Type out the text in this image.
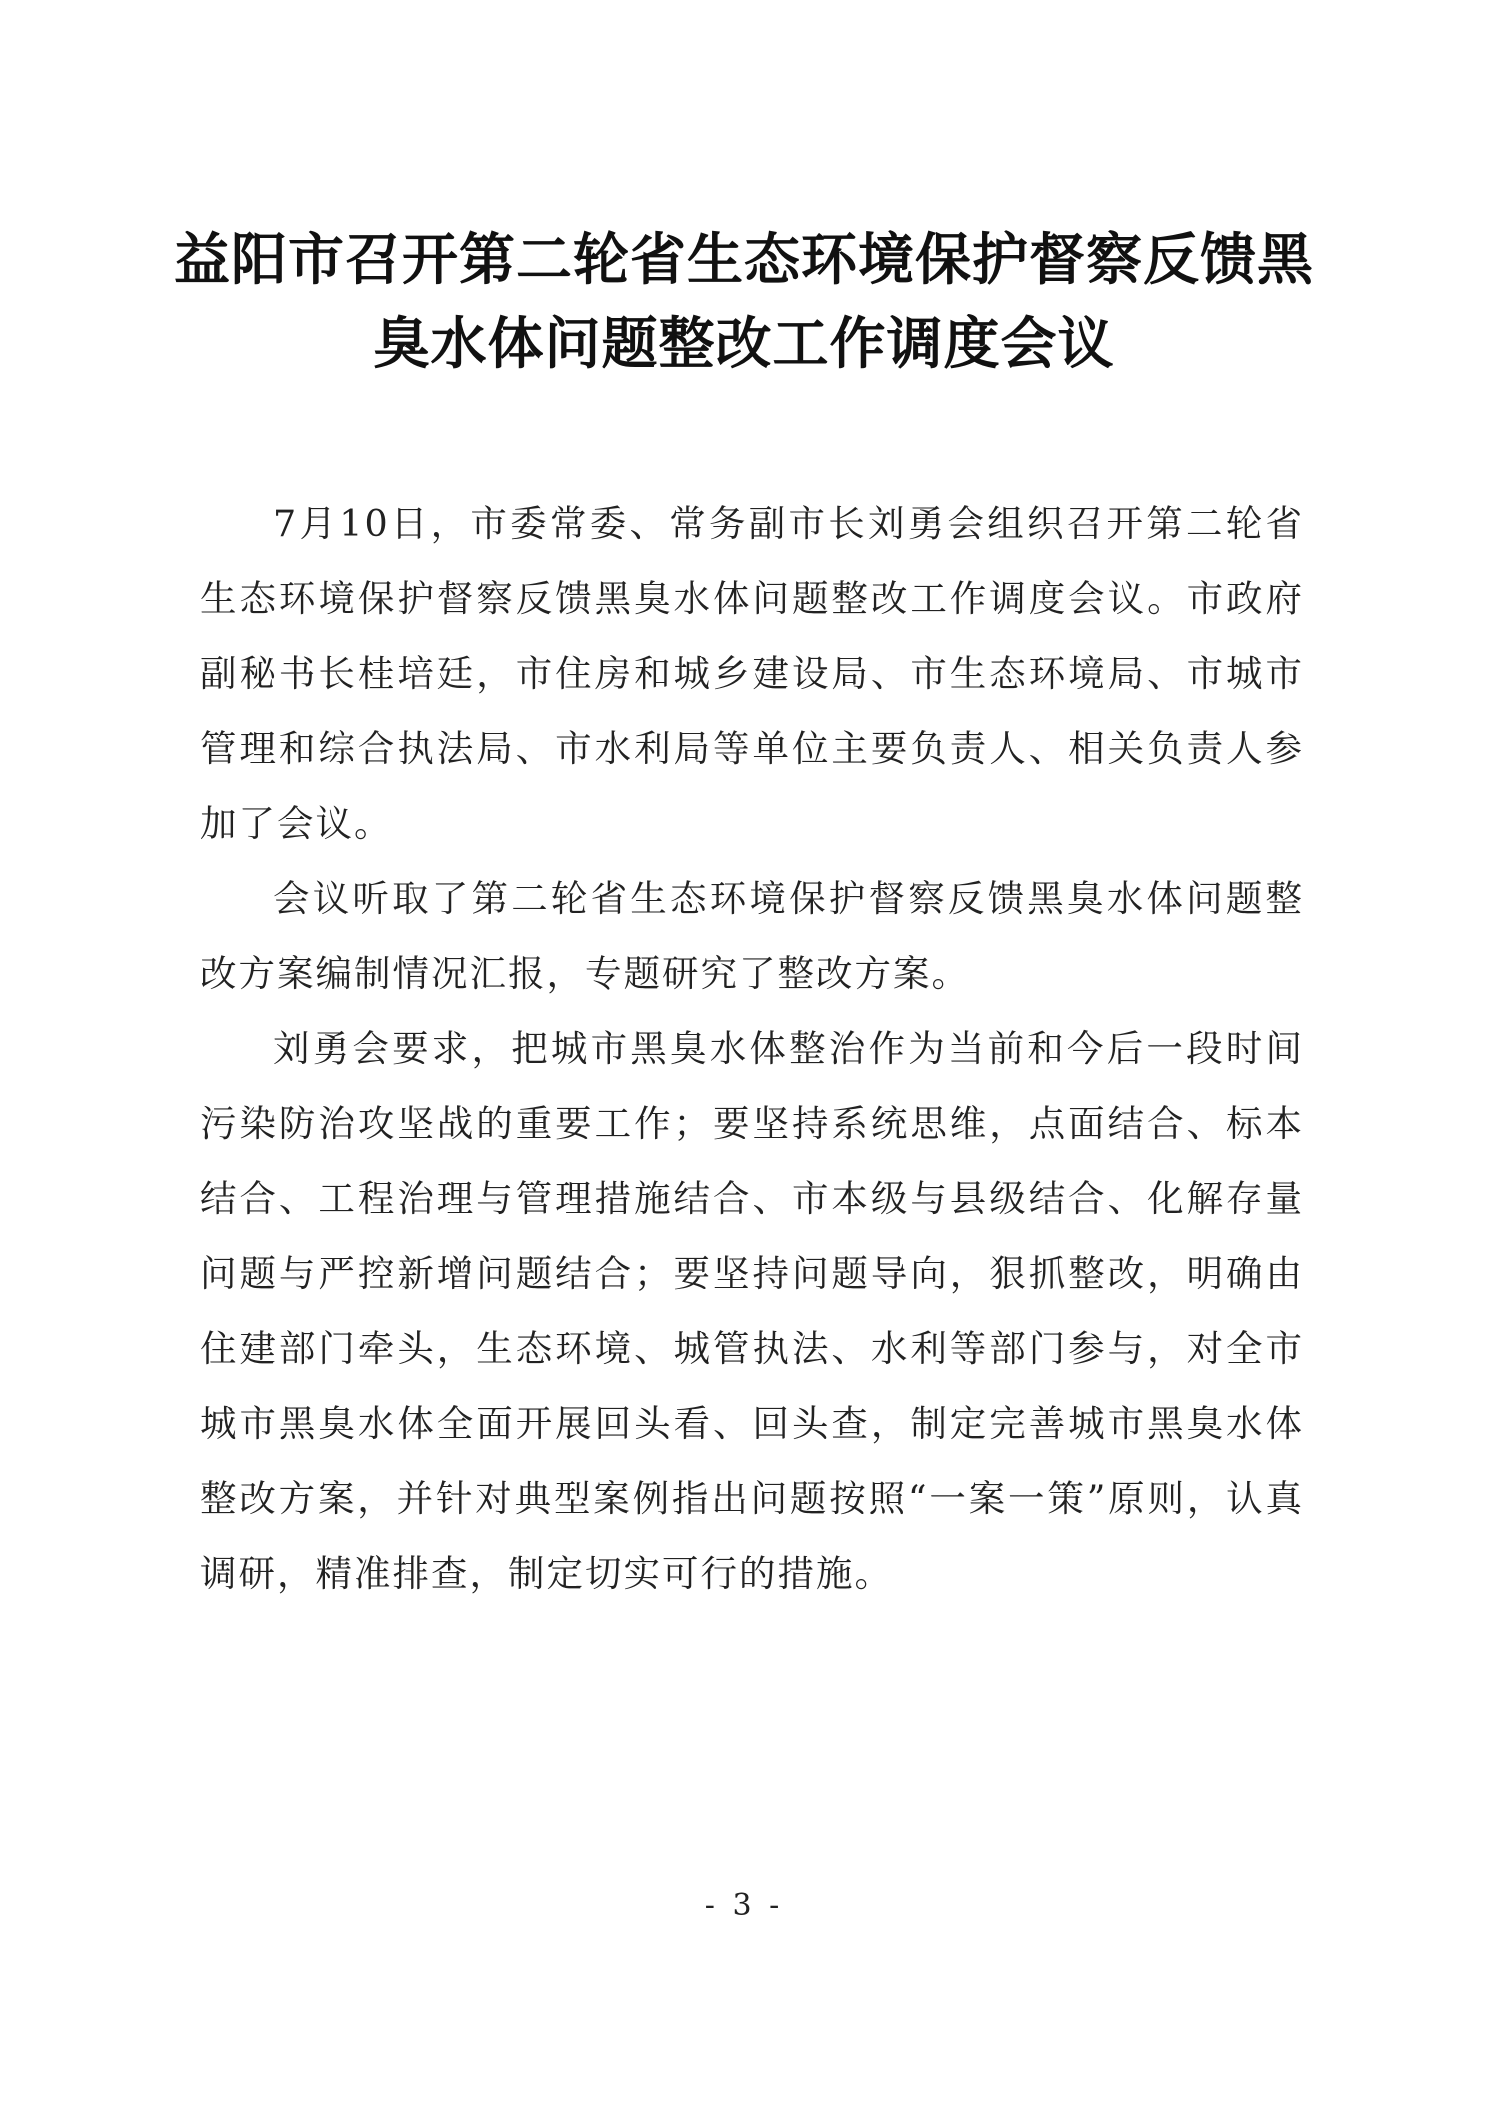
益阳市召开第二轮省生态环境保护督察反馈黑
臭水体问题整改工作调度会议

7月10日，市委常委、常务副市长刘勇会组织召开第二轮省生态环境保护督察反馈黑臭水体问题整改工作调度会议。市政府副秘书长桂培廷，市住房和城乡建设局、市生态环境局、市城市管理和综合执法局、市水利局等单位主要负责人、相关负责人参加了会议。

会议听取了第二轮省生态环境保护督察反馈黑臭水体问题整改方案编制情况汇报，专题研究了整改方案。

刘勇会要求，把城市黑臭水体整治作为当前和今后一段时间污染防治攻坚战的重要工作；要坚持系统思维，点面结合、标本结合、工程治理与管理措施结合、市本级与县级结合、化解存量问题与严控新增问题结合；要坚持问题导向，狠抓整改，明确由住建部门牵头，生态环境、城管执法、水利等部门参与，对全市城市黑臭水体全面开展回头看、回头查，制定完善城市黑臭水体整改方案，并针对典型案例指出问题按照“一案一策”原则，认真调研，精准排查，制定切实可行的措施。

- 3 -
